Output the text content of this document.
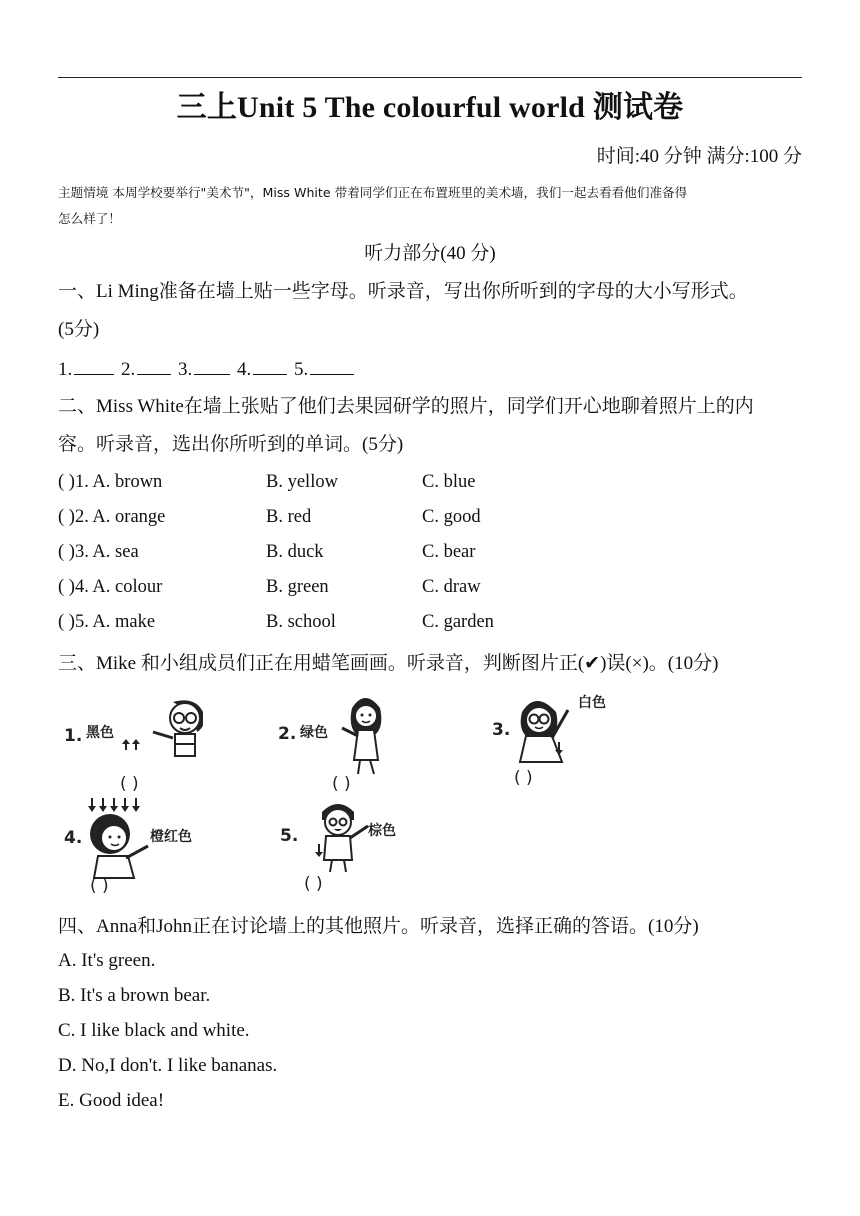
三上Unit 5 The colourful world 测试卷
时间:40 分钟 满分:100 分
主题情境 本周学校要举行"美术节"，Miss White 带着同学们正在布置班里的美术墙，我们一起去看看他们准备得
怎么样了！
听力部分(40 分)
一、Li Ming准备在墙上贴一些字母。听录音，写出你所听到的字母的大小写形式。
(5分)
1.	2. 3. 4. 5.
二、Miss White在墙上张贴了他们去果园研学的照片，同学们开心地聊着照片上的内
容。听录音，选出你所听到的单词。(5分)
( )1. A. brown	B. yellow	C. blue
( )2. A. orange	B. red	C. good
( )3. A. sea	B. duck	C. bear
( )4. A. colour	B. green	C. draw
( )5. A. make	B. school	C. garden
三、Mike 和小组成员们正在用蜡笔画画。听录音，判断图片正(✔)误(×)。(10分)
1. 黑色
( )
2. 绿色
( )
3.
白色
( )
4.	橙红色
( )
5.	棕色
( )
四、Anna和John正在讨论墙上的其他照片。听录音，选择正确的答语。(10分)
A. It's green.
B. It's a brown bear.
C. I like black and white.
D. No,I don't. I like bananas.
E. Good idea!
